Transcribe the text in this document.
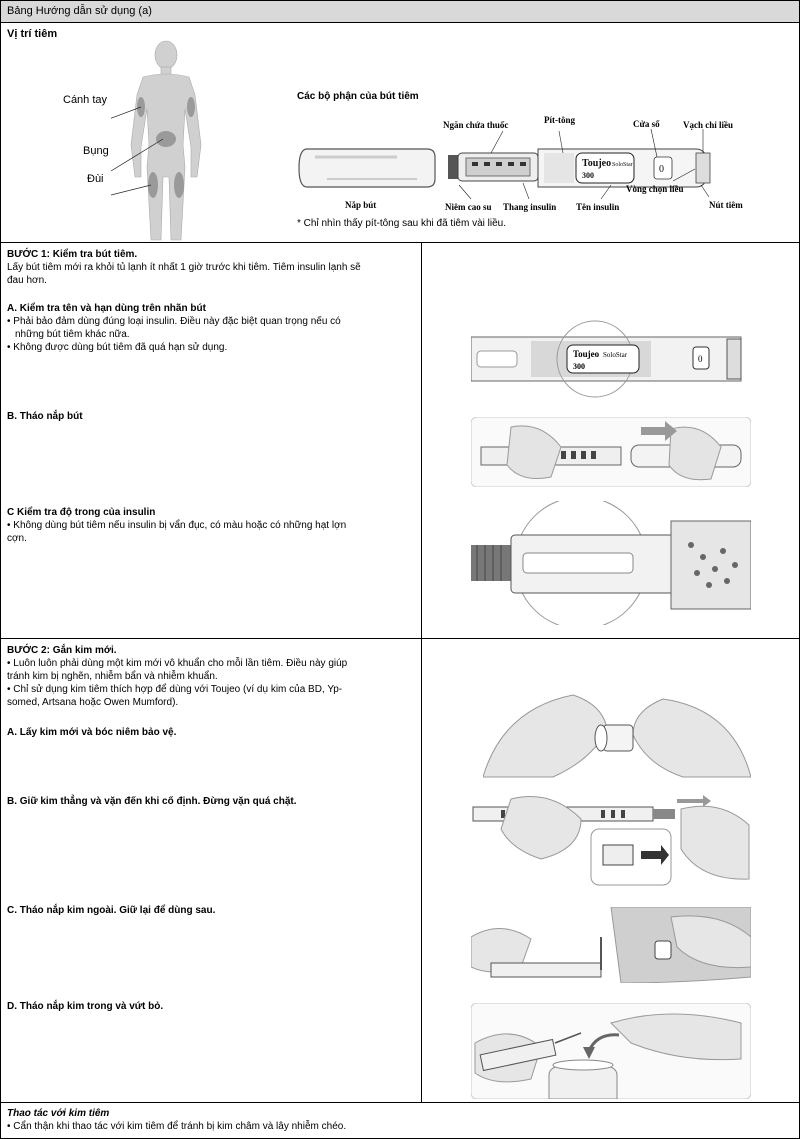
Bảng Hướng dẫn sử dụng (a)
Vị trí tiêm
Cánh tay
Bụng
Đùi
Các bộ phận của bút tiêm
Nắp bút
Toujeo SoloStar
300
0
Ngăn chứa thuốc	Pít-tông	Cửa sổ	Vạch chỉ liều
Niêm cao su Thang insulin Tên insulin
Vòng chọn liều
Nút tiêm
* Chỉ nhìn thấy pít-tông sau khi đã tiêm vài liều.
BƯỚC 1: Kiểm tra bút tiêm.
Lấy bút tiêm mới ra khỏi tủ lạnh ít nhất 1 giờ trước khi tiêm. Tiêm insulin lạnh sẽ
đau hơn.
A. Kiểm tra tên và hạn dùng trên nhãn bút
• Phải bảo đảm dùng đúng loại insulin. Điều này đặc biệt quan trọng nếu có
những bút tiêm khác nữa.
• Không được dùng bút tiêm đã quá hạn sử dụng.
B. Tháo nắp bút
C Kiểm tra độ trong của insulin
• Không dùng bút tiêm nếu insulin bị vẩn đục, có màu hoặc có những hạt lợn
cợn.
Toujeo SoloStar
300
0
BƯỚC 2: Gắn kim mới.
• Luôn luôn phải dùng một kim mới vô khuẩn cho mỗi lần tiêm. Điều này giúp
tránh kim bị nghẽn, nhiễm bẩn và nhiễm khuẩn.
• Chỉ sử dụng kim tiêm thích hợp để dùng với Toujeo (ví dụ kim của BD, Yp-
somed, Artsana hoặc Owen Mumford).
A. Lấy kim mới và bóc niêm bảo vệ.
B. Giữ kim thẳng và vặn đến khi cố định. Đừng vặn quá chặt.
C. Tháo nắp kim ngoài. Giữ lại để dùng sau.
D. Tháo nắp kim trong và vứt bỏ.
Thao tác với kim tiêm
• Cẩn thận khi thao tác với kim tiêm để tránh bị kim châm và lây nhiễm chéo.
